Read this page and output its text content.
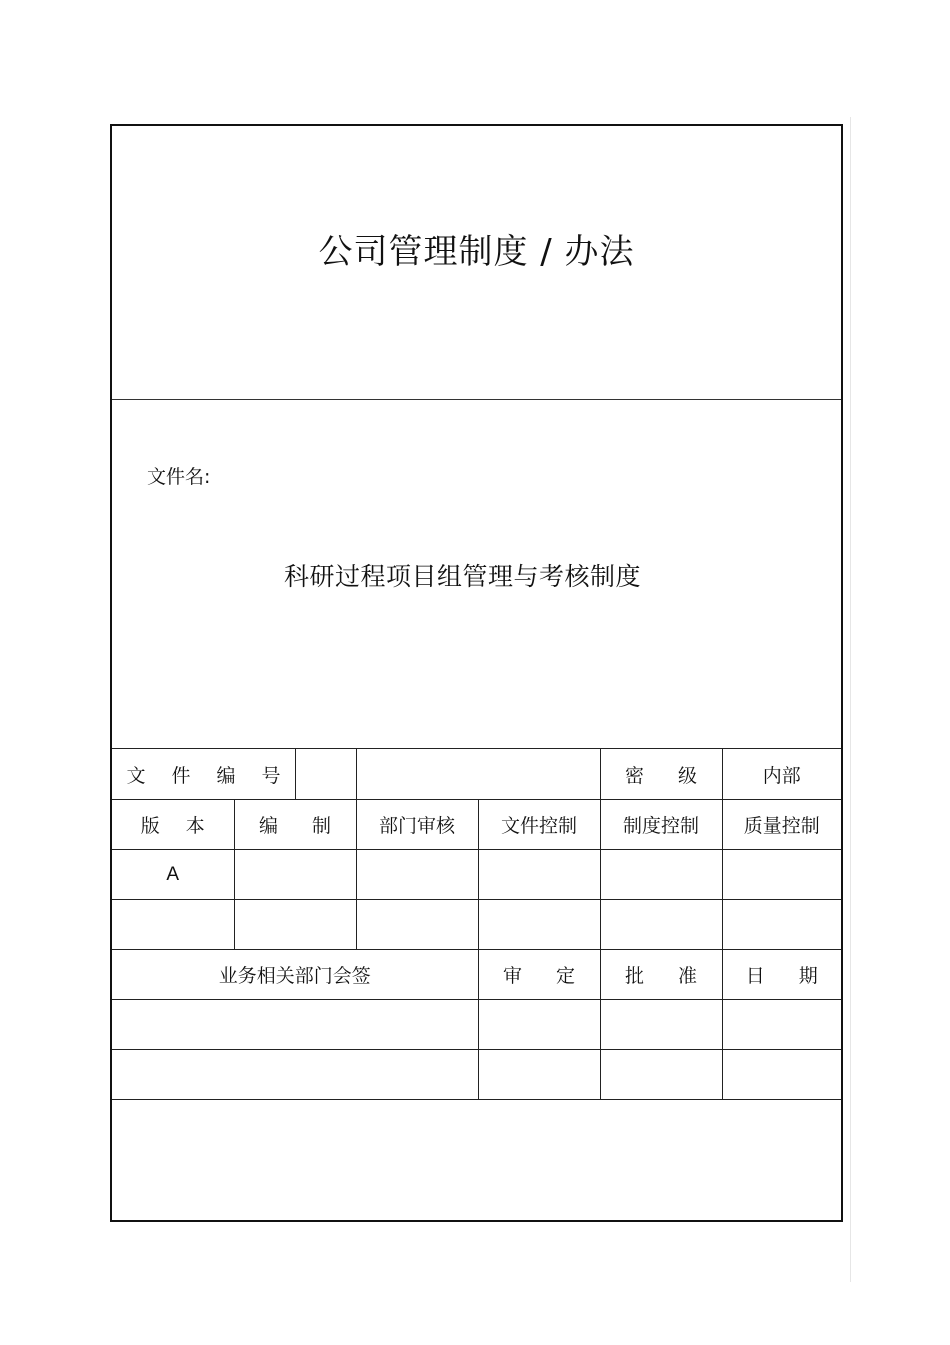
公司管理制度 / 办法
文件名:
科研过程项目组管理与考核制度
文 件 编 号				密 级	内部
版 本	编 制	部门审核	文件控制	制度控制	质量控制
A					

业务相关部门会签			审 定	批 准	日 期
